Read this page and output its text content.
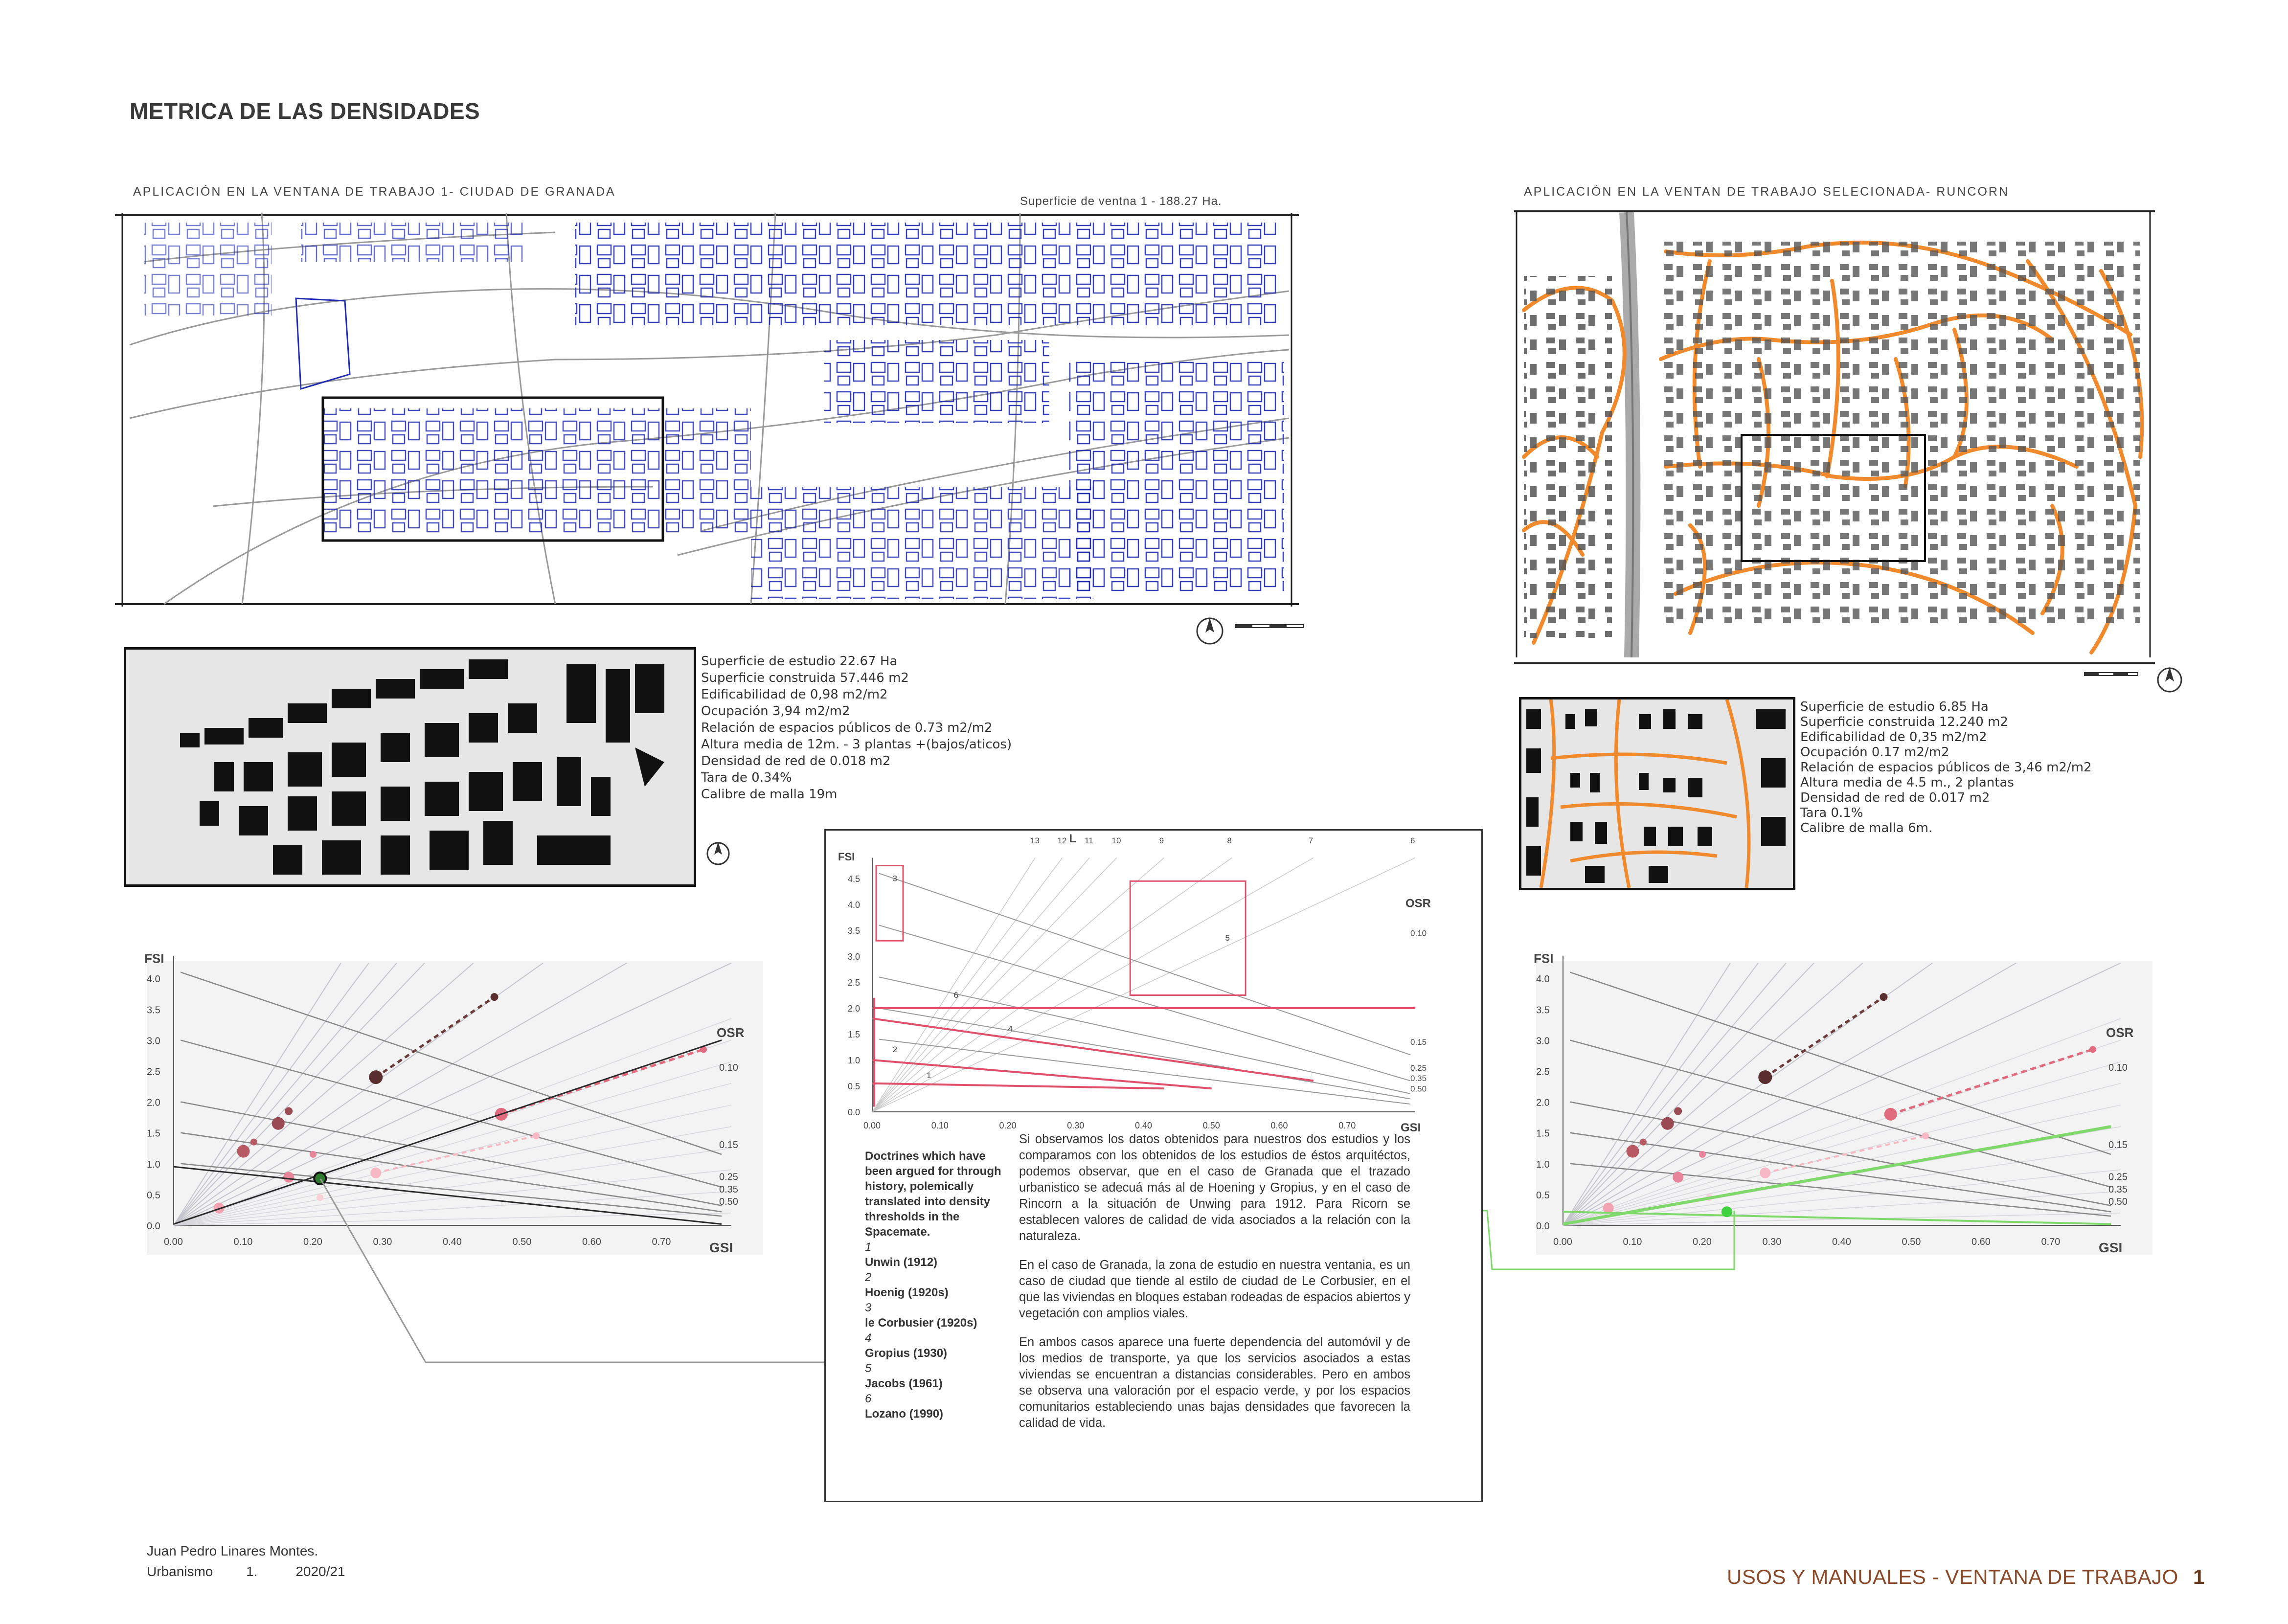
METRICA DE LAS DENSIDADES
APLICACIÓN EN LA VENTANA DE TRABAJO 1- CIUDAD DE GRANADA
Superficie de ventna 1 - 188.27 Ha.
APLICACIÓN EN LA VENTAN DE TRABAJO SELECIONADA- RUNCORN
Superficie de estudio 22.67 Ha
Superficie construida 57.446 m2
Edificabilidad de 0,98 m2/m2
Ocupación 3,94 m2/m2
Relación de espacios públicos de 0.73 m2/m2
Altura media de 12m. - 3 plantas +(bajos/aticos)
Densidad de red de 0.018 m2
Tara de 0.34%
Calibre de malla 19m
Superficie de estudio 6.85 Ha
Superficie construida 12.240 m2
Edificabilidad de 0,35 m2/m2
Ocupación 0.17 m2/m2
Relación de espacios públicos de 3,46 m2/m2
Altura media de 4.5 m., 2 plantas
Densidad de red de 0.017 m2
Tara 0.1%
Calibre de malla 6m.
4.0
3.5
3.0
2.5
2.0
1.5
1.0
0.5
0.0
0.00	0.10	0.20	0.30	0.40	0.50	0.60	0.70
FSI
GSI
OSR
0.10
0.15
0.25
0.35
0.50
4.0
3.5
3.0
2.5
2.0
1.5
1.0
0.5
0.0
0.00	0.10	0.20	0.30	0.40	0.50	0.60	0.70
FSI
GSI
OSR
0.10
0.15
0.25
0.35
0.50
4.5
4.0
3.5
3.0
2.5
2.0
1.5
1.0
0.5
0.0
0.00	0.10	0.20	0.30	0.40	0.50	0.60	0.70
FSI
GSI
OSR
L
13 12 11 10	9	8	7	6
0.10
0.15
0.25
0.35
0.50
1
2
3
4
5
6
Doctrines which have been argued for through history, polemically translated into density thresholds in the Spacemate.
1
Unwin (1912)
2
Hoenig (1920s)
3
le Corbusier (1920s)
4
Gropius (1930)
5
Jacobs (1961)
6
Lozano (1990)

Si observamos los datos obtenidos para nuestros dos estudios y los comparamos con los obtenidos de los estudios de éstos arquitéctos, podemos observar, que en el caso de Granada que el trazado urbanistico se adecuá más al de Hoening y Gropius, y en el caso de Rincorn a la situación de Unwing para 1912. Para Ricorn se establecen valores de calidad de vida asociados a la relación con la naturaleza.

En el caso de Granada, la zona de estudio en nuestra ventania, es un caso de ciudad que tiende al estilo de ciudad de Le Corbusier, en el que las viviendas en bloques estaban rodeadas de espacios abiertos y vegetación con amplios viales.

En ambos casos aparece una fuerte dependencia del automóvil y de los medios de transporte, ya que los servicios asociados a estas viviendas se encuentran a distancias considerables. Pero en ambos se observa una valoración por el espacio verde, y por los espacios comunitarios estableciendo unas bajas densidades que favorecen la calidad de vida.

Juan Pedro Linares Montes.
Urbanismo 1.	2020/21	USOS Y MANUALES - VENTANA DE TRABAJO 1
